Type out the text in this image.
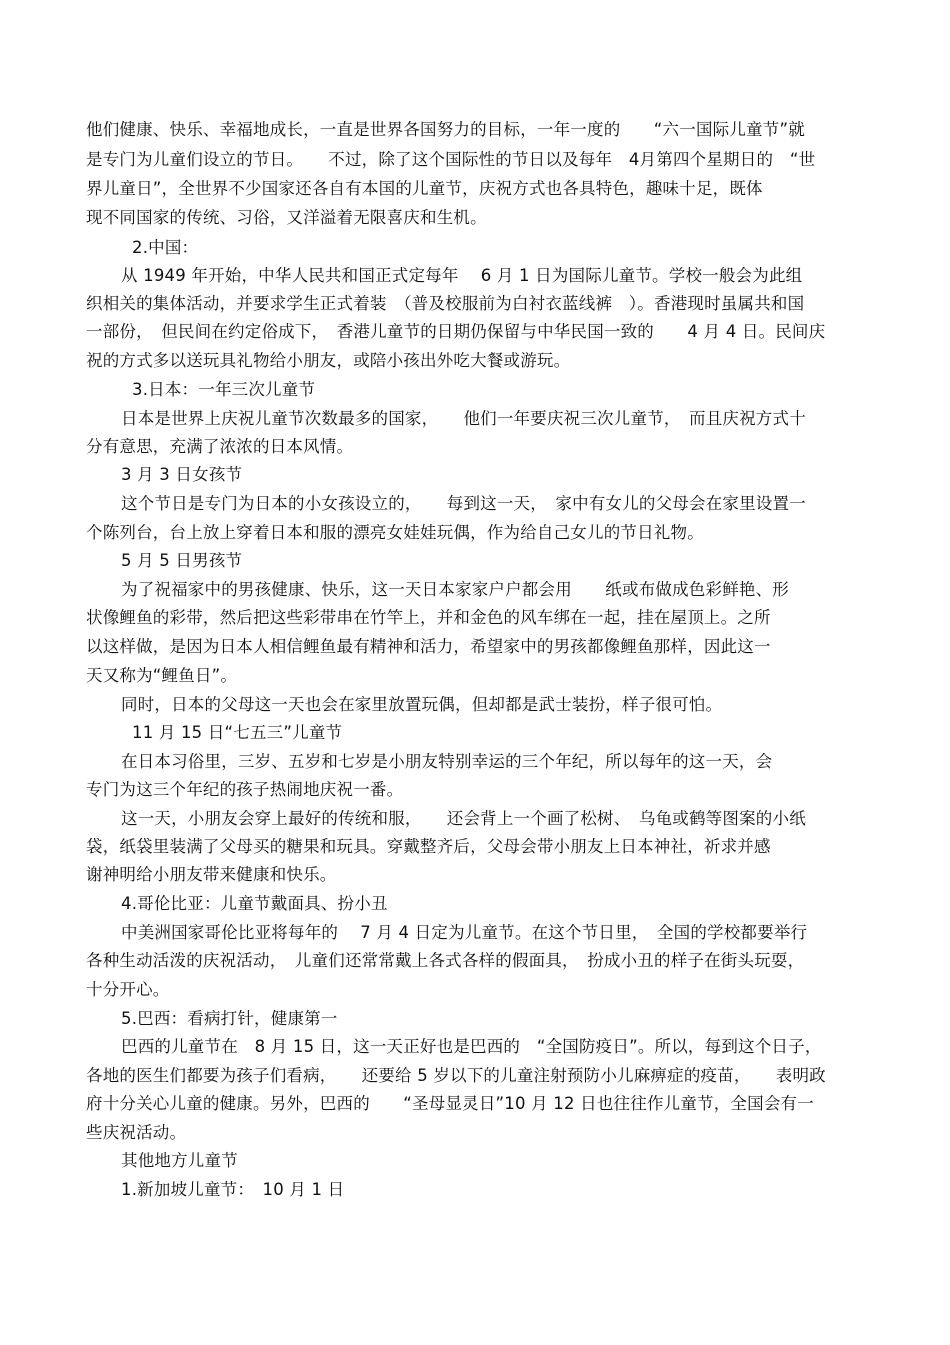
他们健康、快乐、幸福地成长，一直是世界各国努力的目标，一年一度的　　“六一国际儿童节”就
是专门为儿童们设立的节日。　　不过，除了这个国际性的节日以及每年　4月第四个星期日的　“世
界儿童日”，全世界不少国家还各自有本国的儿童节，庆祝方式也各具特色，趣味十足，既体
现不同国家的传统、习俗，又洋溢着无限喜庆和生机。
2.中国：
从 1949 年开始，中华人民共和国正式定每年　 6 月 1 日为国际儿童节。学校一般会为此组
织相关的集体活动，并要求学生正式着装　（普及校服前为白衬衣蓝线裤　）。香港现时虽属共和国
一部份，　但民间在约定俗成下，　香港儿童节的日期仍保留与中华民国一致的　　4 月 4 日。民间庆
祝的方式多以送玩具礼物给小朋友，或陪小孩出外吃大餐或游玩。
3.日本：一年三次儿童节
日本是世界上庆祝儿童节次数最多的国家，　　他们一年要庆祝三次儿童节，　而且庆祝方式十
分有意思，充满了浓浓的日本风情。
3 月 3 日女孩节
这个节日是专门为日本的小女孩设立的，　　每到这一天，　家中有女儿的父母会在家里设置一
个陈列台，台上放上穿着日本和服的漂亮女娃娃玩偶，作为给自己女儿的节日礼物。
5 月 5 日男孩节
为了祝福家中的男孩健康、快乐，这一天日本家家户户都会用　　纸或布做成色彩鲜艳、形
状像鲤鱼的彩带，然后把这些彩带串在竹竿上，并和金色的风车绑在一起，挂在屋顶上。之所
以这样做，是因为日本人相信鲤鱼最有精神和活力，希望家中的男孩都像鲤鱼那样，因此这一
天又称为“鲤鱼日”。
同时，日本的父母这一天也会在家里放置玩偶，但却都是武士装扮，样子很可怕。
11 月 15 日“七五三”儿童节
在日本习俗里，三岁、五岁和七岁是小朋友特别幸运的三个年纪，所以每年的这一天，会
专门为这三个年纪的孩子热闹地庆祝一番。
这一天，小朋友会穿上最好的传统和服，　　还会背上一个画了松树、　乌龟或鹤等图案的小纸
袋，纸袋里装满了父母买的糖果和玩具。穿戴整齐后，父母会带小朋友上日本神社，祈求并感
谢神明给小朋友带来健康和快乐。
4.哥伦比亚：儿童节戴面具、扮小丑
中美洲国家哥伦比亚将每年的　 7 月 4 日定为儿童节。在这个节日里，　全国的学校都要举行
各种生动活泼的庆祝活动，　儿童们还常常戴上各式各样的假面具，　扮成小丑的样子在街头玩耍，
十分开心。
5.巴西：看病打针，健康第一
巴西的儿童节在　8 月 15 日，这一天正好也是巴西的　“全国防疫日”。所以，每到这个日子，
各地的医生们都要为孩子们看病，　　还要给 5 岁以下的儿童注射预防小儿麻痹症的疫苗，　　表明政
府十分关心儿童的健康。另外，巴西的　　“圣母显灵日”10 月 12 日也往往作儿童节，全国会有一
些庆祝活动。
其他地方儿童节
1.新加坡儿童节：　10 月 1 日
